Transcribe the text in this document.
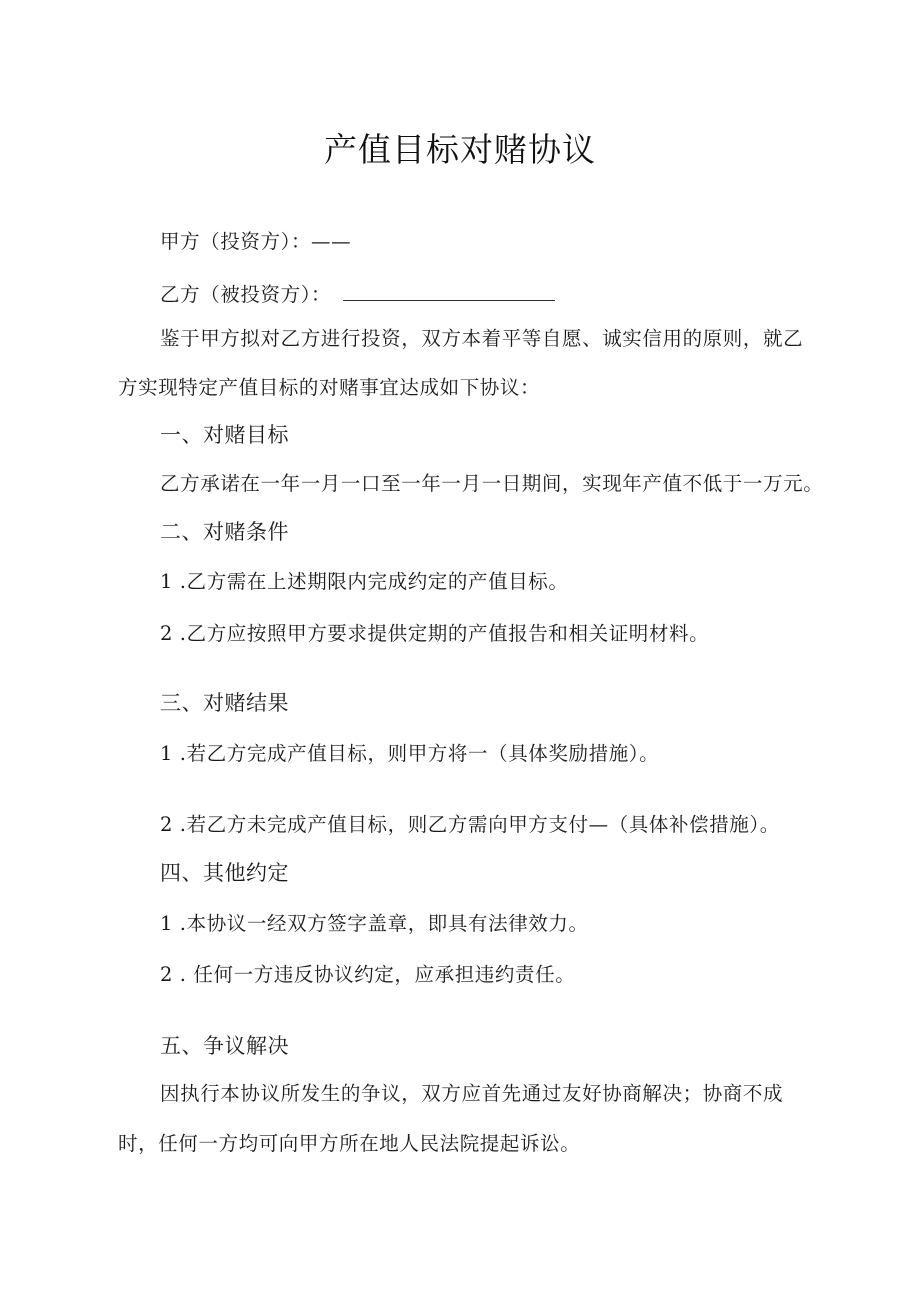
产值目标对赌协议
甲方（投资方）：——
乙方（被投资方）：
鉴于甲方拟对乙方进行投资，双方本着平等自愿、诚实信用的原则，就乙
方实现特定产值目标的对赌事宜达成如下协议：
一、对赌目标
乙方承诺在一年一月一口至一年一月一日期间，实现年产值不低于一万元。
二、对赌条件
1 .乙方需在上述期限内完成约定的产值目标。
2 .乙方应按照甲方要求提供定期的产值报告和相关证明材料。
三、对赌结果
1 .若乙方完成产值目标，则甲方将一（具体奖励措施）。
2 .若乙方未完成产值目标，则乙方需向甲方支付—（具体补偿措施）。
四、其他约定
1 .本协议一经双方签字盖章，即具有法律效力。
2 . 任何一方违反协议约定，应承担违约责任。
五、争议解决
因执行本协议所发生的争议，双方应首先通过友好协商解决；协商不成
时，任何一方均可向甲方所在地人民法院提起诉讼。
